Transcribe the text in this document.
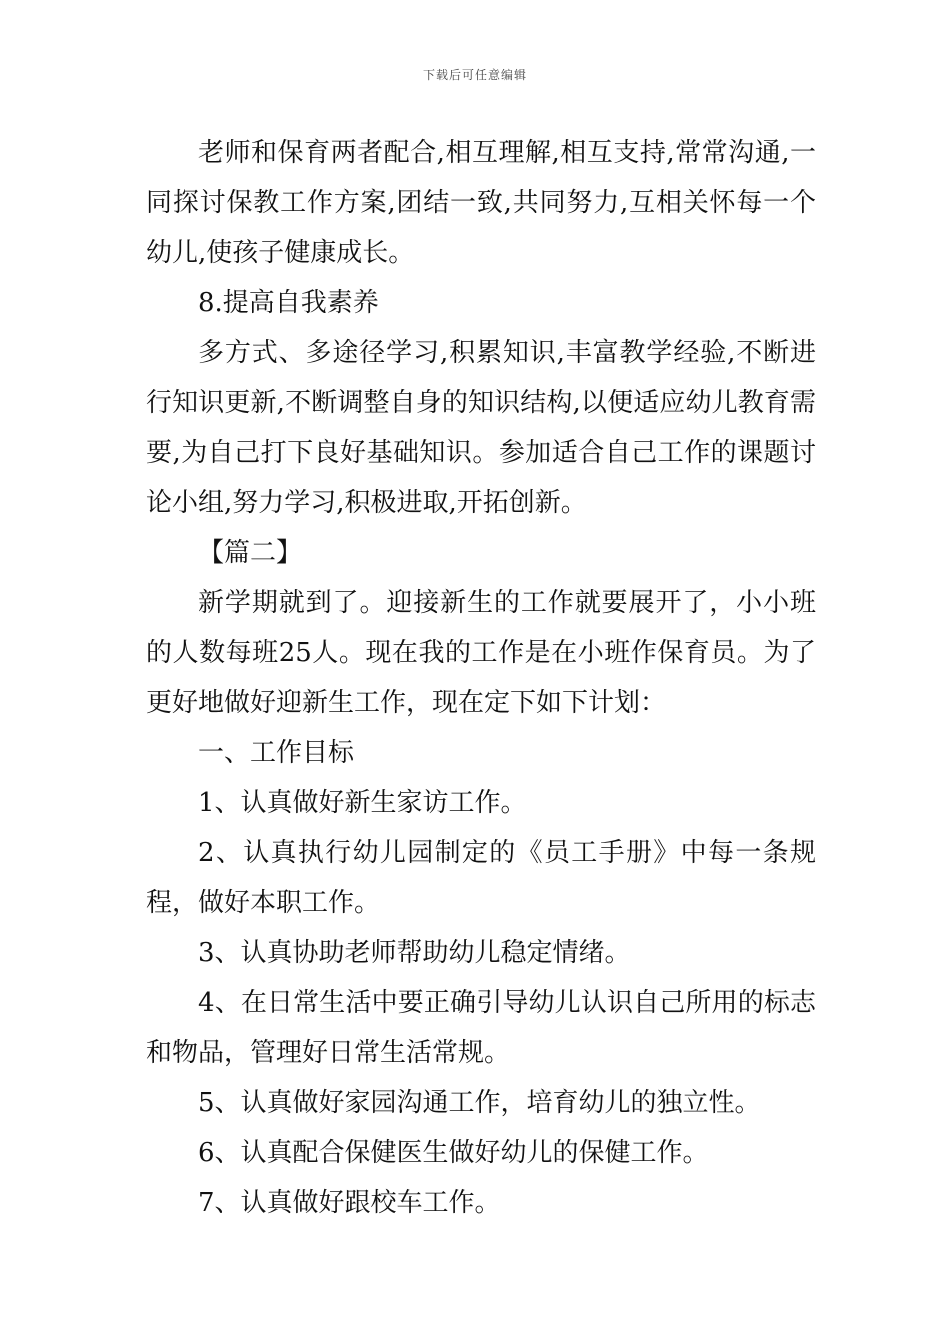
下载后可任意编辑

老师和保育两者配合,相互理解,相互支持,常常沟通,一同探讨保教工作方案,团结一致,共同努力,互相关怀每一个幼儿,使孩子健康成长。

8.提高自我素养

多方式、多途径学习,积累知识,丰富教学经验,不断进行知识更新,不断调整自身的知识结构,以便适应幼儿教育需要,为自己打下良好基础知识。参加适合自己工作的课题讨论小组,努力学习,积极进取,开拓创新。

【篇二】

新学期就到了。迎接新生的工作就要展开了，小小班的人数每班25人。现在我的工作是在小班作保育员。为了更好地做好迎新生工作，现在定下如下计划：

一、工作目标

1、认真做好新生家访工作。

2、认真执行幼儿园制定的《员工手册》中每一条规程，做好本职工作。

3、认真协助老师帮助幼儿稳定情绪。

4、在日常生活中要正确引导幼儿认识自己所用的标志和物品，管理好日常生活常规。

5、认真做好家园沟通工作，培育幼儿的独立性。

6、认真配合保健医生做好幼儿的保健工作。

7、认真做好跟校车工作。
